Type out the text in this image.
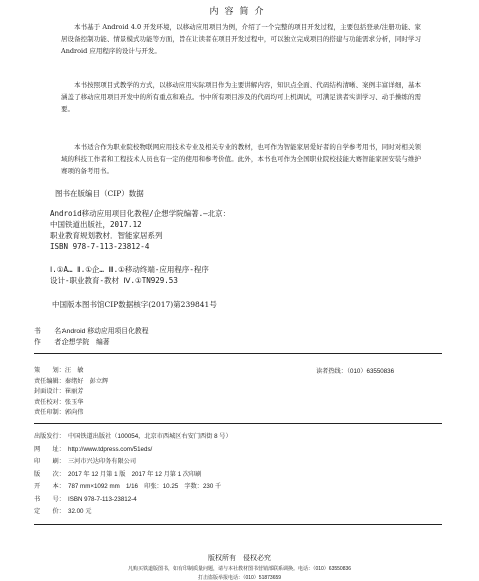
内容简介

本书基于 Android 4.0 开发环境，以移动应用项目为例，介绍了一个完整的项目开发过程，主要包括登录/注册功能、家居设备控制功能、情景模式功能等方面，旨在让读者在项目开发过程中，可以独立完成项目的搭建与功能需求分析，同时学习 Android 应用程序的设计与开发。

本书按照项目式教学的方式，以移动应用实际项目作为主要讲解内容，知识点全面、代码结构清晰、案例丰富详细，基本涵盖了移动应用项目开发中的所有重点和难点。书中所有项目涉及的代码均可上机调试，可满足读者实训学习、动手操练的需要。

本书适合作为职业院校物联网应用技术专业及相关专业的教材，也可作为智能家居爱好者的自学参考用书，同时对相关领域的科技工作者和工程技术人员也有一定的使用和参考价值。此外，本书也可作为全国职业院校技能大赛智能家居安装与维护赛项的备考用书。

图书在版编目（CIP）数据
Android移动应用项目化教程/企想学院编著.—北京：
中国铁道出版社，2017.12
职业教育规划教材．智能家居系列
ISBN 978-7-113-23812-4
Ⅰ.①A… Ⅱ.①企… Ⅲ.①移动终端-应用程序-程序
设计-职业教育-教材 Ⅳ.①TN929.53
中国版本图书馆CIP数据核字(2017)第239841号
书　　名：Android 移动应用项目化教程
作　　者：企想学院　编著
策　　划：汪　敏
责任编辑：秦绪好　彭立辉
封面设计：崔丽芳
责任校对：张玉华
责任印制：郭向伟
读者热线：（010）63550836
出版发行： 中国铁道出版社（100054，北京市西城区右安门西街 8 号）
网　　址： http://www.tdpress.com/51eds/
印　　刷： 三河市兴达印务有限公司
版　　次： 2017 年 12 月第 1 版　2017 年 12 月第 1 次印刷
开　　本： 787 mm×1092 mm　1/16　印张：10.25　字数：230 千
书　　号： ISBN 978-7-113-23812-4
定　　价： 32.00 元
版权所有　侵权必究
凡购买铁道版图书，如有印制质量问题，请与本社教材图书营销部联系调换。电话：（010）63550836
打击盗版举报电话：（010）51873659
